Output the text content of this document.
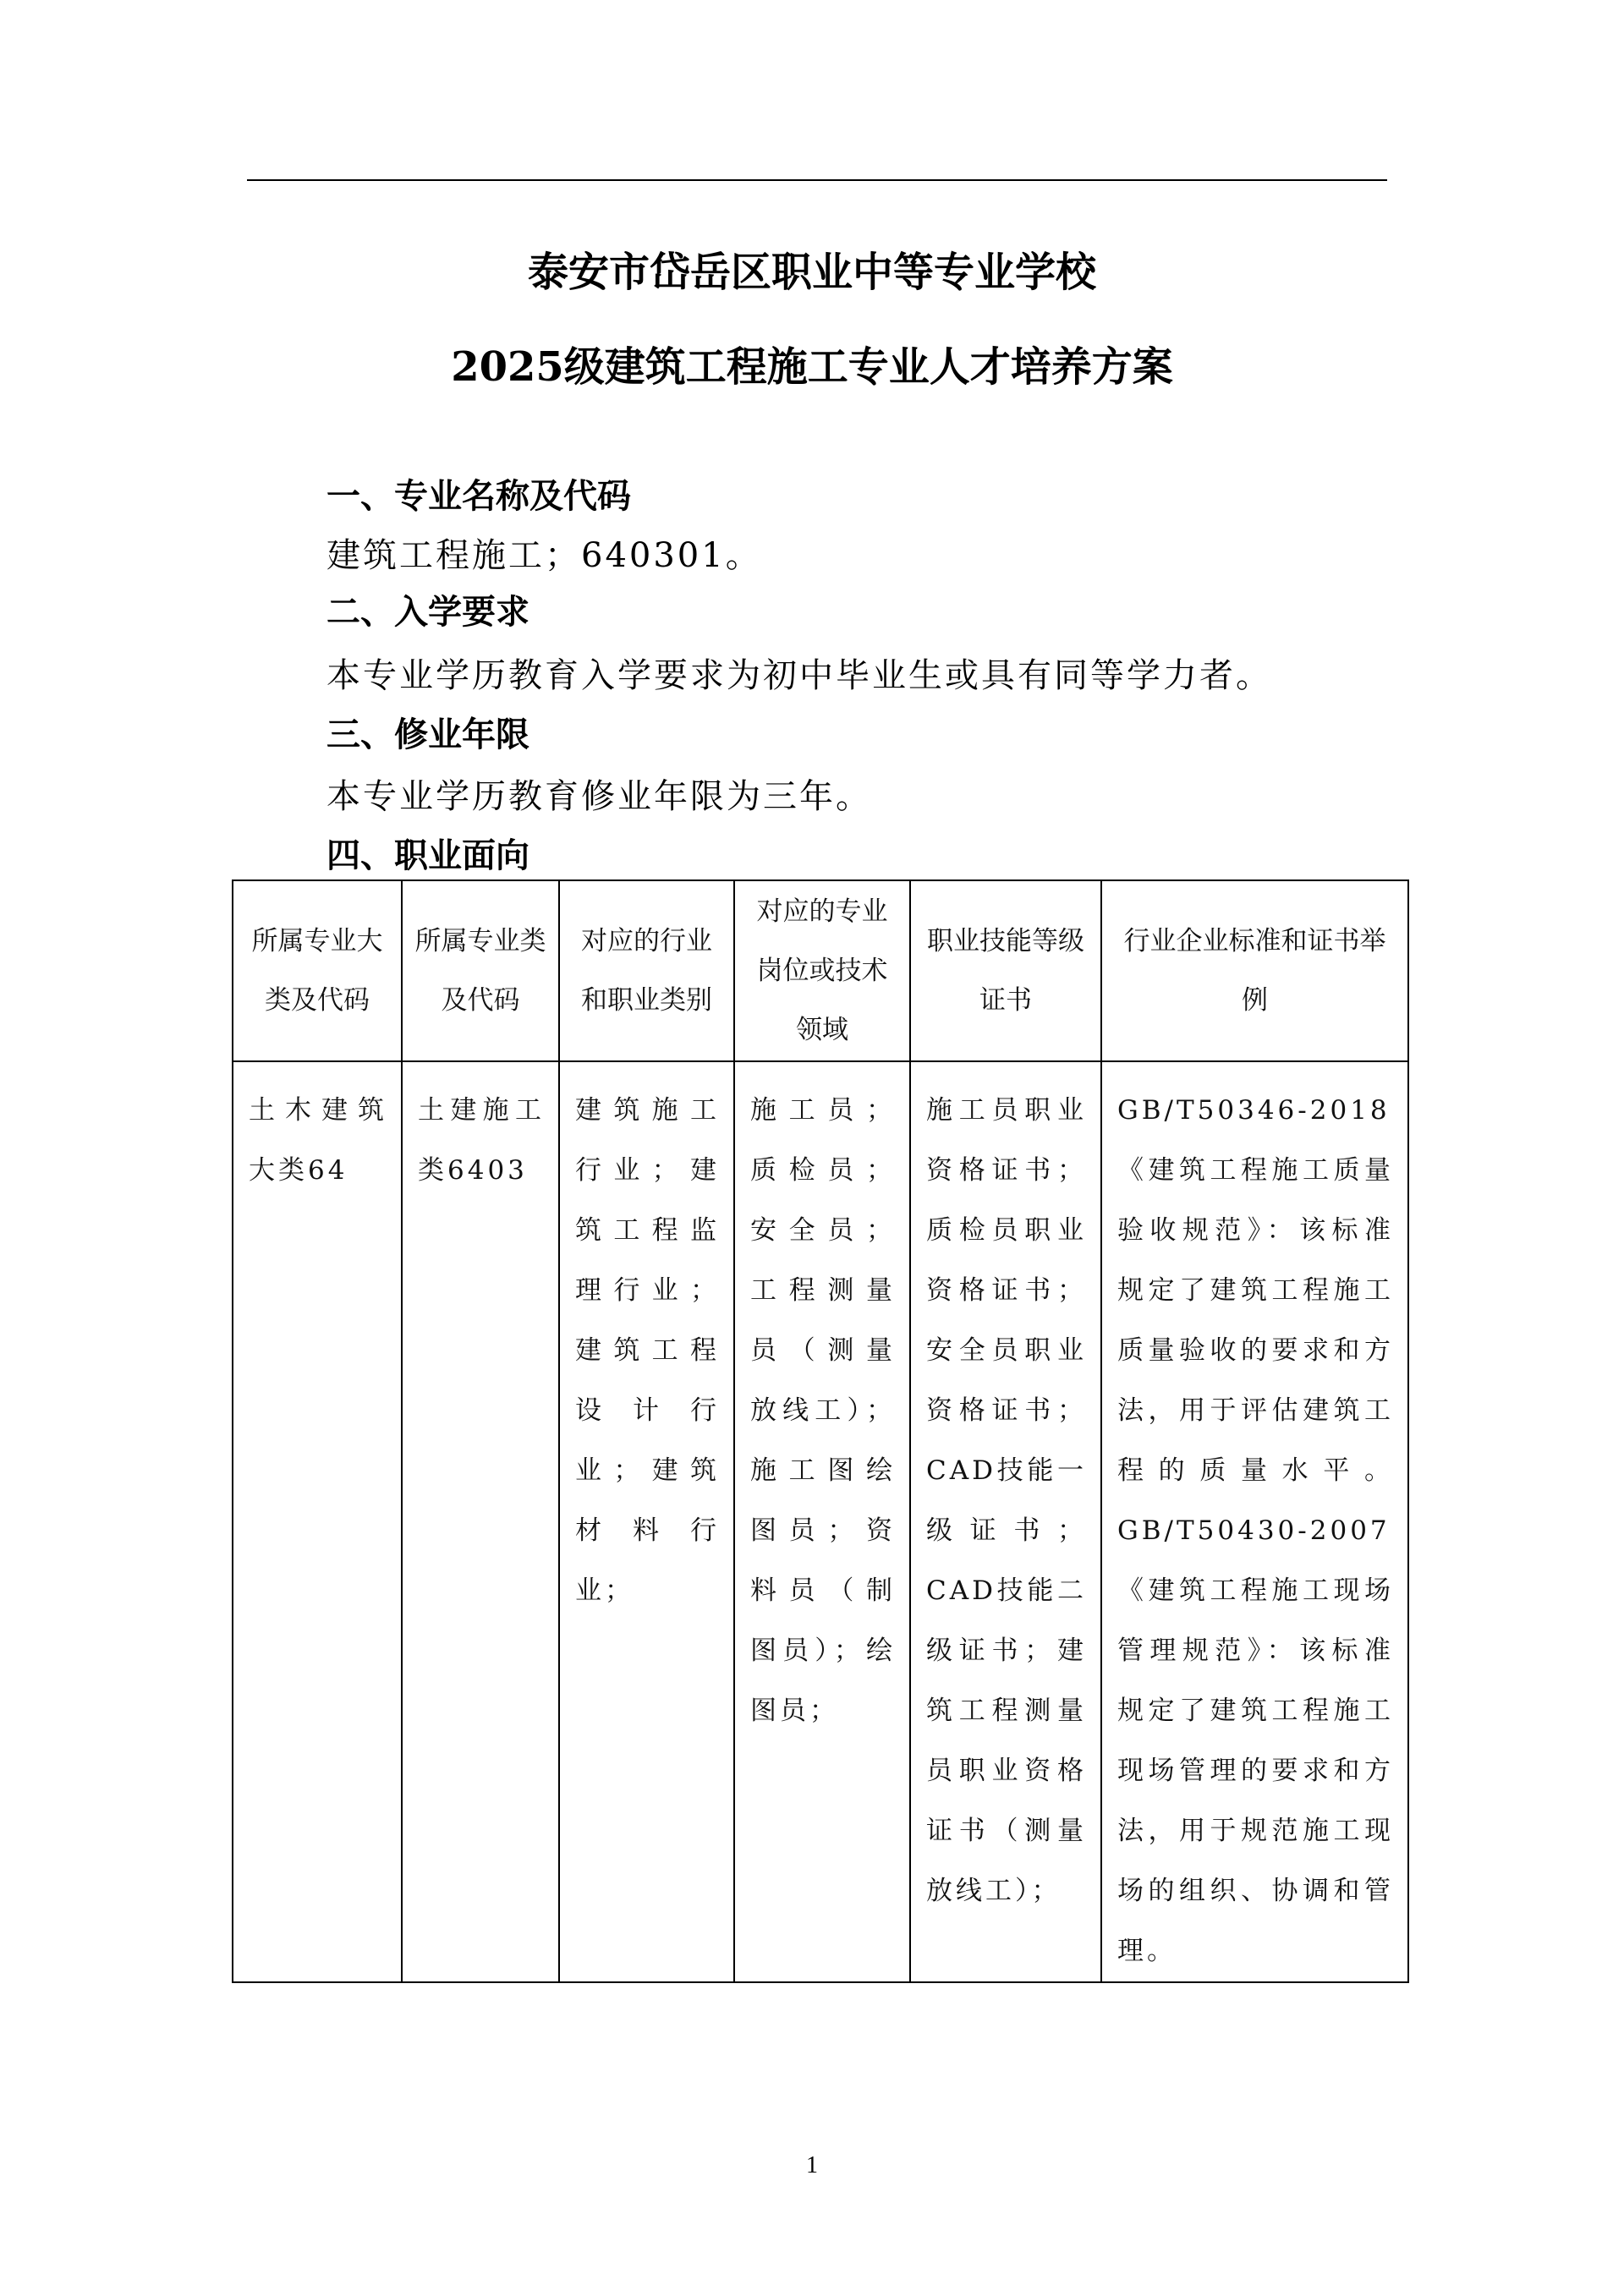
泰安市岱岳区职业中等专业学校
2025级建筑工程施工专业人才培养方案
一、专业名称及代码
建筑工程施工；640301。
二、入学要求
本专业学历教育入学要求为初中毕业生或具有同等学力者。
三、修业年限
本专业学历教育修业年限为三年。
四、职业面向
所属专业大类及代码	所属专业类及代码	对应的行业和职业类别	对应的专业岗位或技术领域	职业技能等级证书	行业企业标准和证书举例
土木建筑大类64	土建施工类6403	建筑施工行业；建筑工程监理行业；建筑工程设计行业；建筑材料行业；	施工员；质检员；安全员；工程测量员（测量放线工）；施工图绘图员；资料员（制图员）；绘图员；	施工员职业资格证书；质检员职业资格证书；安全员职业资格证书；CAD技能一级证书；CAD技能二级证书；建筑工程测量员职业资格证书（测量放线工）；	GB/T50346-2018《建筑工程施工质量验收规范》：该标准规定了建筑工程施工质量验收的要求和方法，用于评估建筑工程的质量水平。GB/T50430-2007《建筑工程施工现场管理规范》：该标准规定了建筑工程施工现场管理的要求和方法，用于规范施工现场的组织、协调和管理。
1
